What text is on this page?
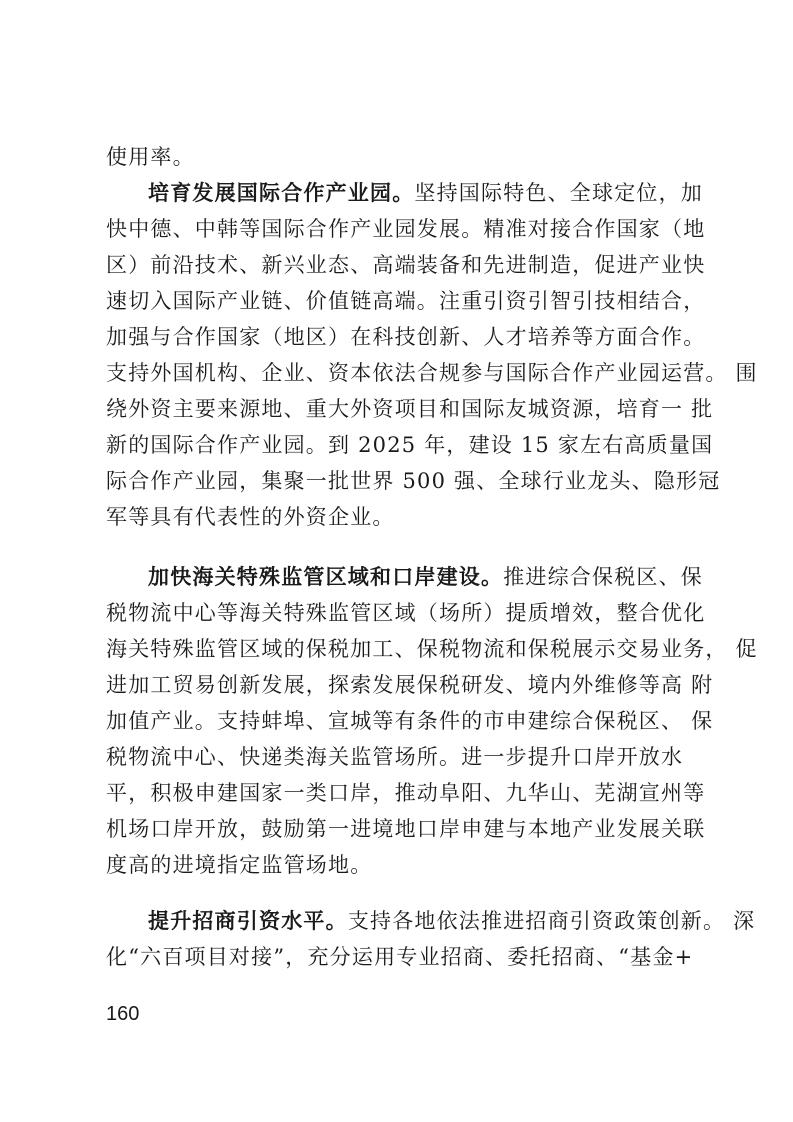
使用率。
培育发展国际合作产业园。坚持国际特色、全球定位，加
快中德、中韩等国际合作产业园发展。精准对接合作国家（地
区）前沿技术、新兴业态、高端装备和先进制造，促进产业快
速切入国际产业链、价值链高端。注重引资引智引技相结合，
加强与合作国家（地区）在科技创新、人才培养等方面合作。
支持外国机构、企业、资本依法合规参与国际合作产业园运营。 围
绕外资主要来源地、重大外资项目和国际友城资源，培育一 批
新的国际合作产业园。到 2025 年，建设 15 家左右高质量国
际合作产业园，集聚一批世界 500 强、全球行业龙头、隐形冠
军等具有代表性的外资企业。
加快海关特殊监管区域和口岸建设。推进综合保税区、保
税物流中心等海关特殊监管区域（场所）提质增效，整合优化
海关特殊监管区域的保税加工、保税物流和保税展示交易业务， 促
进加工贸易创新发展，探索发展保税研发、境内外维修等高 附
加值产业。支持蚌埠、宣城等有条件的市申建综合保税区、 保
税物流中心、快递类海关监管场所。进一步提升口岸开放水
平，积极申建国家一类口岸，推动阜阳、九华山、芜湖宣州等
机场口岸开放，鼓励第一进境地口岸申建与本地产业发展关联
度高的进境指定监管场地。
提升招商引资水平。支持各地依法推进招商引资政策创新。 深
化“六百项目对接”，充分运用专业招商、委托招商、“基金+
160
